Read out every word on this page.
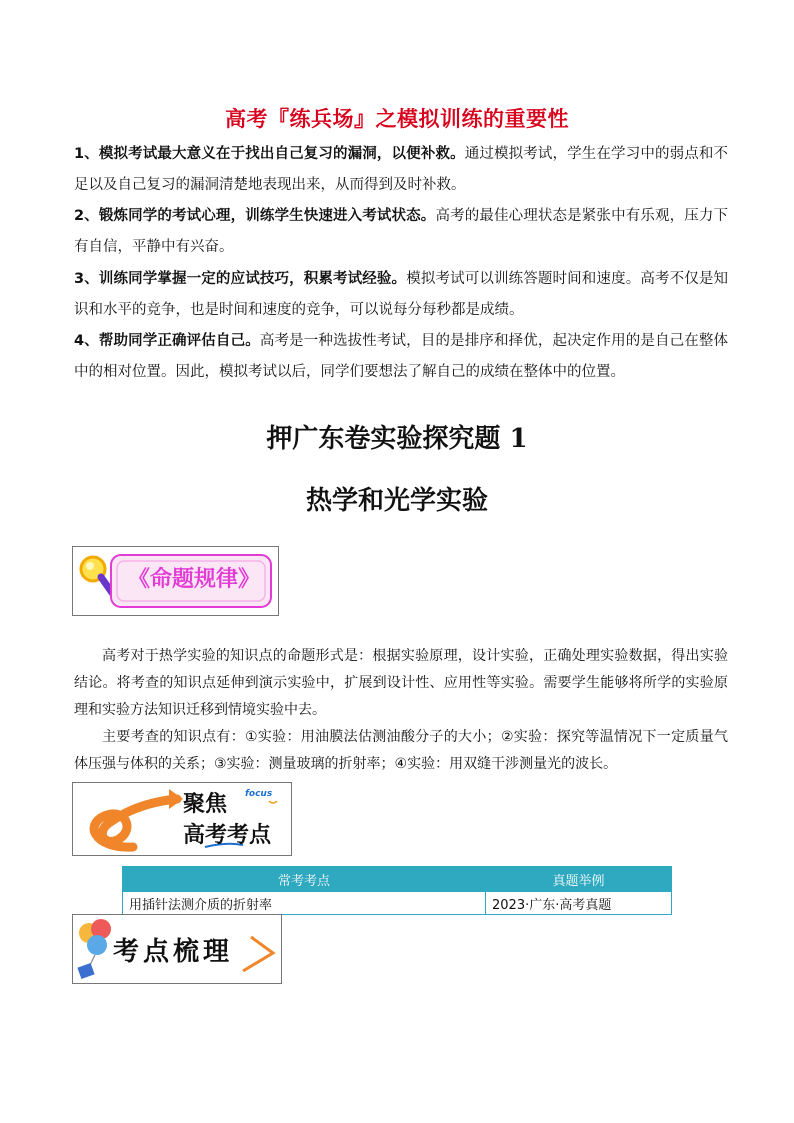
高考『练兵场』之模拟训练的重要性
1、模拟考试最大意义在于找出自己复习的漏洞，以便补救。通过模拟考试，学生在学习中的弱点和不足以及自己复习的漏洞清楚地表现出来，从而得到及时补救。
2、锻炼同学的考试心理，训练学生快速进入考试状态。高考的最佳心理状态是紧张中有乐观，压力下有自信，平静中有兴奋。
3、训练同学掌握一定的应试技巧，积累考试经验。模拟考试可以训练答题时间和速度。高考不仅是知识和水平的竞争，也是时间和速度的竞争，可以说每分每秒都是成绩。
4、帮助同学正确评估自己。高考是一种选拔性考试，目的是排序和择优，起决定作用的是自己在整体中的相对位置。因此，模拟考试以后，同学们要想法了解自己的成绩在整体中的位置。
押广东卷实验探究题 1
热学和光学实验
《命题规律》
高考对于热学实验的知识点的命题形式是：根据实验原理，设计实验，正确处理实验数据，得出实验结论。将考查的知识点延伸到演示实验中，扩展到设计性、应用性等实验。需要学生能够将所学的实验原理和实验方法知识迁移到情境实验中去。
主要考查的知识点有：①实验：用油膜法估测油酸分子的大小；②实验：探究等温情况下一定质量气体压强与体积的关系；③实验：测量玻璃的折射率；④实验：用双缝干涉测量光的波长。
聚焦 focus
高考考点
常考考点	真题举例
用插针法测介质的折射率	2023·广东·高考真题
考点梳理
